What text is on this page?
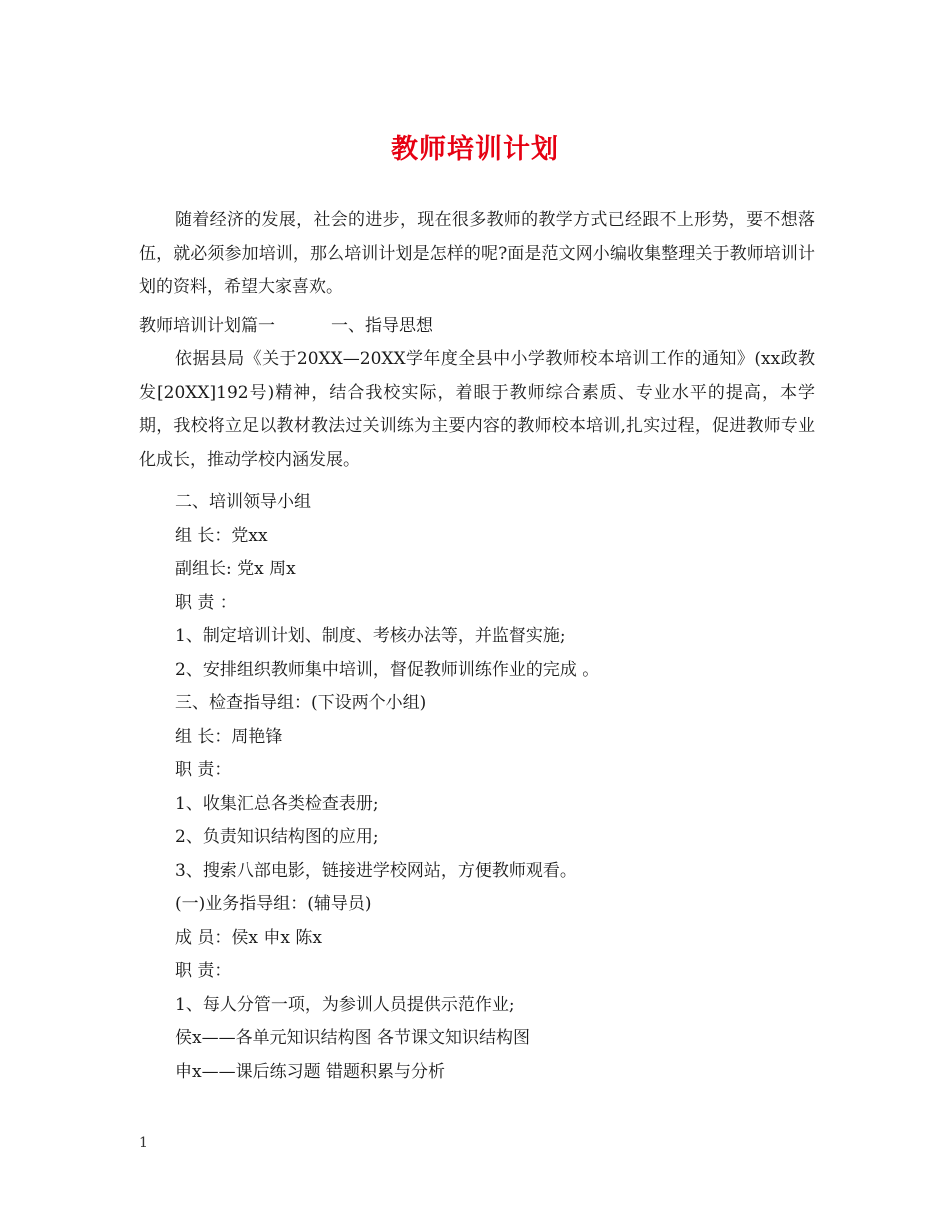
教师培训计划

随着经济的发展，社会的进步，现在很多教师的教学方式已经跟不上形势，要不想落伍，就必须参加培训，那么培训计划是怎样的呢?面是范文网小编收集整理关于教师培训计划的资料，希望大家喜欢。

教师培训计划篇一	一、指导思想

依据县局《关于20XX—20XX学年度全县中小学教师校本培训工作的通知》(xx政教发[20XX]192号)精神，结合我校实际，着眼于教师综合素质、专业水平的提高，本学期，我校将立足以教材教法过关训练为主要内容的教师校本培训,扎实过程，促进教师专业化成长，推动学校内涵发展。

二、培训领导小组
组 长：党xx
副组长: 党x 周x
职 责 ：
1、制定培训计划、制度、考核办法等，并监督实施;
2、安排组织教师集中培训，督促教师训练作业的完成 。
三、检查指导组：(下设两个小组)
组 长：周艳锋
职 责：
1、收集汇总各类检查表册;
2、负责知识结构图的应用;
3、搜索八部电影，链接进学校网站，方便教师观看。
(一)业务指导组：(辅导员)
成 员：侯x 申x 陈x
职 责：
1、每人分管一项，为参训人员提供示范作业;
侯x——各单元知识结构图 各节课文知识结构图
申x——课后练习题 错题积累与分析
1
